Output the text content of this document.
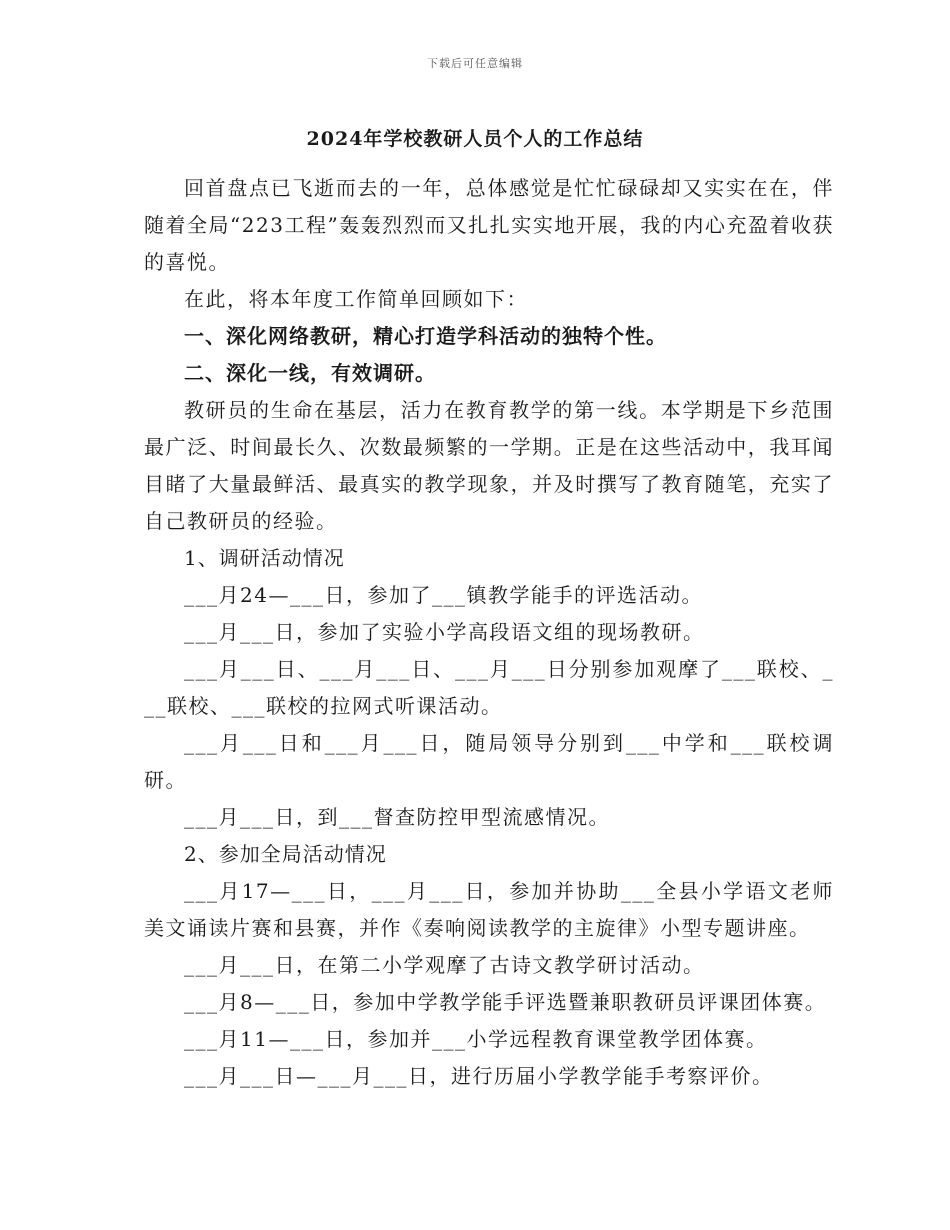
下载后可任意编辑
2024年学校教研人员个人的工作总结

回首盘点已飞逝而去的一年，总体感觉是忙忙碌碌却又实实在在，伴随着全局“223工程”轰轰烈烈而又扎扎实实地开展，我的内心充盈着收获的喜悦。

在此，将本年度工作简单回顾如下：

一、深化网络教研，精心打造学科活动的独特个性。

二、深化一线，有效调研。

教研员的生命在基层，活力在教育教学的第一线。本学期是下乡范围最广泛、时间最长久、次数最频繁的一学期。正是在这些活动中，我耳闻目睹了大量最鲜活、最真实的教学现象，并及时撰写了教育随笔，充实了自己教研员的经验。

1、调研活动情况

___月24—___日，参加了___镇教学能手的评选活动。

___月___日，参加了实验小学高段语文组的现场教研。

___月___日、___月___日、___月___日分别参加观摩了___联校、___联校、___联校的拉网式听课活动。

___月___日和___月___日，随局领导分别到___中学和___联校调研。

___月___日，到___督查防控甲型流感情况。

2、参加全局活动情况

___月17—___日，___月___日，参加并协助___全县小学语文老师美文诵读片赛和县赛，并作《奏响阅读教学的主旋律》小型专题讲座。

___月___日，在第二小学观摩了古诗文教学研讨活动。

___月8—___日，参加中学教学能手评选暨兼职教研员评课团体赛。

___月11—___日，参加并___小学远程教育课堂教学团体赛。

___月___日—___月___日，进行历届小学教学能手考察评价。
